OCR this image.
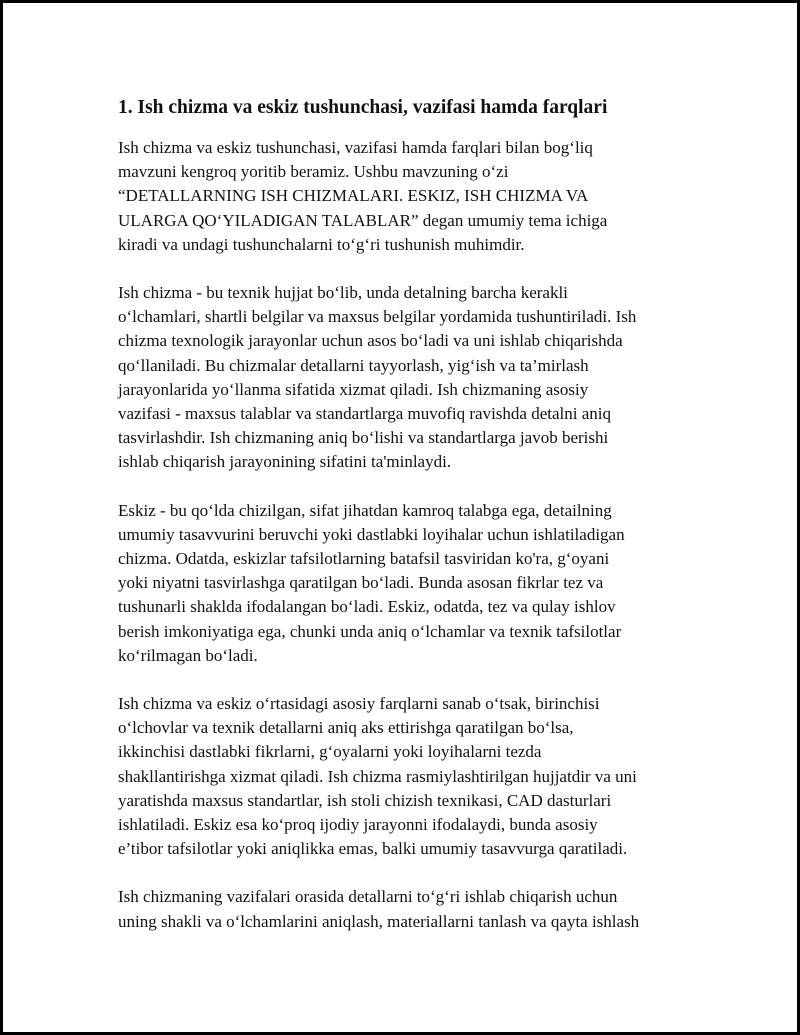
1. Ish chizma va eskiz tushunchasi, vazifasi hamda farqlari

Ish chizma va eskiz tushunchasi, vazifasi hamda farqlari bilan bog‘liq
mavzuni kengroq yoritib beramiz. Ushbu mavzuning o‘zi
“DETALLARNING ISH CHIZMALARI. ESKIZ, ISH CHIZMA VA
ULARGA QO‘YILADIGAN TALABLAR” degan umumiy tema ichiga
kiradi va undagi tushunchalarni to‘g‘ri tushunish muhimdir.

Ish chizma - bu texnik hujjat bo‘lib, unda detalning barcha kerakli
o‘lchamlari, shartli belgilar va maxsus belgilar yordamida tushuntiriladi. Ish
chizma texnologik jarayonlar uchun asos bo‘ladi va uni ishlab chiqarishda
qo‘llaniladi. Bu chizmalar detallarni tayyorlash, yig‘ish va ta’mirlash
jarayonlarida yo‘llanma sifatida xizmat qiladi. Ish chizmaning asosiy
vazifasi - maxsus talablar va standartlarga muvofiq ravishda detalni aniq
tasvirlashdir. Ish chizmaning aniq bo‘lishi va standartlarga javob berishi
ishlab chiqarish jarayonining sifatini ta'minlaydi.

Eskiz - bu qo‘lda chizilgan, sifat jihatdan kamroq talabga ega, detailning
umumiy tasavvurini beruvchi yoki dastlabki loyihalar uchun ishlatiladigan
chizma. Odatda, eskizlar tafsilotlarning batafsil tasviridan ko'ra, g‘oyani
yoki niyatni tasvirlashga qaratilgan bo‘ladi. Bunda asosan fikrlar tez va
tushunarli shaklda ifodalangan bo‘ladi. Eskiz, odatda, tez va qulay ishlov
berish imkoniyatiga ega, chunki unda aniq o‘lchamlar va texnik tafsilotlar
ko‘rilmagan bo‘ladi.

Ish chizma va eskiz o‘rtasidagi asosiy farqlarni sanab o‘tsak, birinchisi
o‘lchovlar va texnik detallarni aniq aks ettirishga qaratilgan bo‘lsa,
ikkinchisi dastlabki fikrlarni, g‘oyalarni yoki loyihalarni tezda
shakllantirishga xizmat qiladi. Ish chizma rasmiylashtirilgan hujjatdir va uni
yaratishda maxsus standartlar, ish stoli chizish texnikasi, CAD dasturlari
ishlatiladi. Eskiz esa ko‘proq ijodiy jarayonni ifodalaydi, bunda asosiy
e’tibor tafsilotlar yoki aniqlikka emas, balki umumiy tasavvurga qaratiladi.

Ish chizmaning vazifalari orasida detallarni to‘g‘ri ishlab chiqarish uchun
uning shakli va o‘lchamlarini aniqlash, materiallarni tanlash va qayta ishlash
